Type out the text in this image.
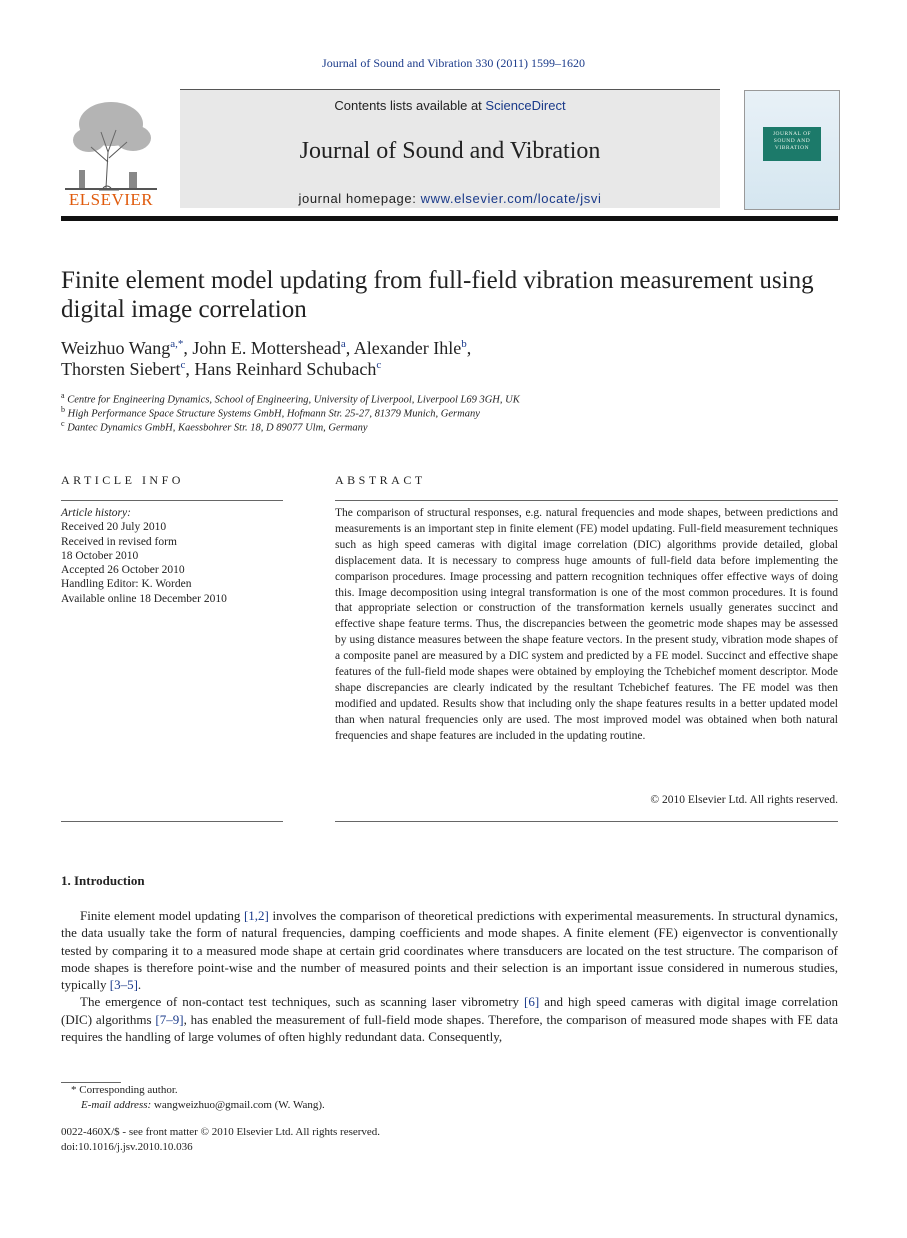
Journal of Sound and Vibration 330 (2011) 1599–1620
ELSEVIER
Contents lists available at ScienceDirect
Journal of Sound and Vibration
journal homepage: www.elsevier.com/locate/jsvi
JOURNAL OF SOUND AND VIBRATION
Finite element model updating from full-field vibration measurement using digital image correlation
Weizhuo Wang$^{a,*}$, John E. Mottershead$^a$, Alexander Ihle$^b$,
Thorsten Siebert$^c$, Hans Reinhard Schubach$^c$
$^a$ Centre for Engineering Dynamics, School of Engineering, University of Liverpool, Liverpool L69 3GH, UK
$^b$ High Performance Space Structure Systems GmbH, Hofmann Str. 25-27, 81379 Munich, Germany
$^c$ Dantec Dynamics GmbH, Kaessbohrer Str. 18, D 89077 Ulm, Germany
ARTICLE INFO
Article history:
Received 20 July 2010
Received in revised form
18 October 2010
Accepted 26 October 2010
Handling Editor: K. Worden
Available online 18 December 2010
ABSTRACT
The comparison of structural responses, e.g. natural frequencies and mode shapes, between predictions and measurements is an important step in finite element (FE) model updating. Full-field measurement techniques such as high speed cameras with digital image correlation (DIC) algorithms provide detailed, global displacement data. It is necessary to compress huge amounts of full-field data before implementing the comparison procedures. Image processing and pattern recognition techniques offer effective ways of doing this. Image decomposition using integral transformation is one of the most common procedures. It is found that appropriate selection or construction of the transformation kernels usually generates succinct and effective shape feature terms. Thus, the discrepancies between the geometric mode shapes may be assessed by using distance measures between the shape feature vectors. In the present study, vibration mode shapes of a composite panel are measured by a DIC system and predicted by a FE model. Succinct and effective shape features of the full-field mode shapes were obtained by employing the Tchebichef moment descriptor. Mode shape discrepancies are clearly indicated by the resultant Tchebichef features. The FE model was then modified and updated. Results show that including only the shape features results in a better updated model than when natural frequencies only are used. The most improved model was obtained when both natural frequencies and shape features are included in the updating routine.
© 2010 Elsevier Ltd. All rights reserved.
1. Introduction

Finite element model updating [1,2] involves the comparison of theoretical predictions with experimental measurements. In structural dynamics, the data usually take the form of natural frequencies, damping coefficients and mode shapes. A finite element (FE) eigenvector is conventionally tested by comparing it to a measured mode shape at certain grid coordinates where transducers are located on the test structure. The comparison of mode shapes is therefore point-wise and the number of measured points and their selection is an important issue considered in numerous studies, typically [3–5].

The emergence of non-contact test techniques, such as scanning laser vibrometry [6] and high speed cameras with digital image correlation (DIC) algorithms [7–9], has enabled the measurement of full-field mode shapes. Therefore, the comparison of measured mode shapes with FE data requires the handling of large volumes of often highly redundant data. Consequently,

* Corresponding author.
E-mail address: wangweizhuo@gmail.com (W. Wang).
0022-460X/$ - see front matter © 2010 Elsevier Ltd. All rights reserved.
doi:10.1016/j.jsv.2010.10.036
